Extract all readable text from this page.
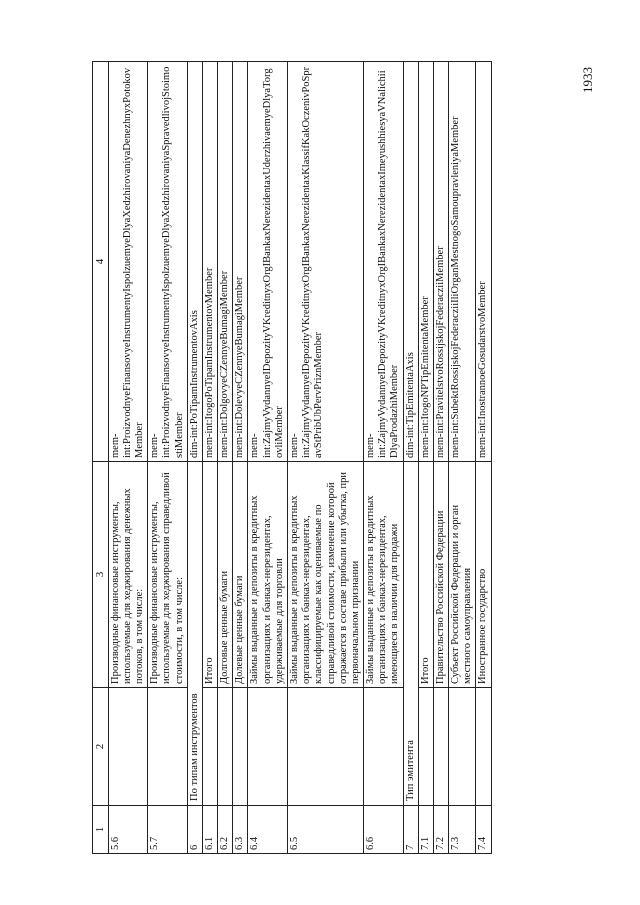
1933
1	2	3	4
5.6		Производные финансовые инструменты, используемые для хеджирования денежных потоков, в том числе:	mem-int:ProizvodnyeFinansovyeInstrumentyIspolzuemyeDlyaXedzhirovaniyaDenezhnyxPotokovMember
5.7		Производные финансовые инструменты, используемые для хеджирования справедливой стоимости, в том числе:	mem-int:ProizvodnyeFinansovyeInstrumentyIspolzuemyeDlyaXedzhirovaniyaSpravedlivojStoimostiMember
6	По типам инструментов		dim-int:PoTipamInstrumentovAxis
6.1		Итого	mem-int:ItogoPoTipamInstrumentovMember
6.2		Долговые ценные бумаги	mem-int:DolgovyeCZennyeBumagiMember
6.3		Долевые ценные бумаги	mem-int:DolevyeCZennyeBumagiMember
6.4		Займы выданные и депозиты в кредитных организациях и банках-нерезидентах, удерживаемые для торговли	mem-int:ZajmyVydannyeIDepozityVKreditnyxOrgIBankaxNerezidentaxUderzhivaemyeDlyaTorgovliMember
6.5		Займы выданные и депозиты в кредитных организациях и банках-нерезидентах, классифицируемые как оцениваемые по справедливой стоимости, изменение которой отражается в составе прибыли или убытка, при первоначальном признании	mem-int:ZajmyVydannyeIDepozityVKreditnyxOrgIBankaxNerezidentaxKlassifKakOczenivPoSpravStPribUbPervPriznMember
6.6		Займы выданные и депозиты в кредитных организациях и банках-нерезидентах, имеющиеся в наличии для продажи	mem-int:ZajmyVydannyeIDepozityVKreditnyxOrgIBankaxNerezidentaxImeyushhiesyaVNalichiiDlyaProdazhiMember
7	Тип эмитента		dim-int:TipEmitentaAxis
7.1		Итого	mem-int:ItogoNPTipEmitentaMember
7.2		Правительство Российской Федерации	mem-int:PravitelstvoRossijskojFederacziiMember
7.3		Субъект Российской Федерации и орган местного самоуправления	mem-int:SubektRossijskojFederacziiIliOrganMestnogoSamoupravleniyaMember
7.4		Иностранное государство	mem-int:InostrannoeGosudarstvoMember
